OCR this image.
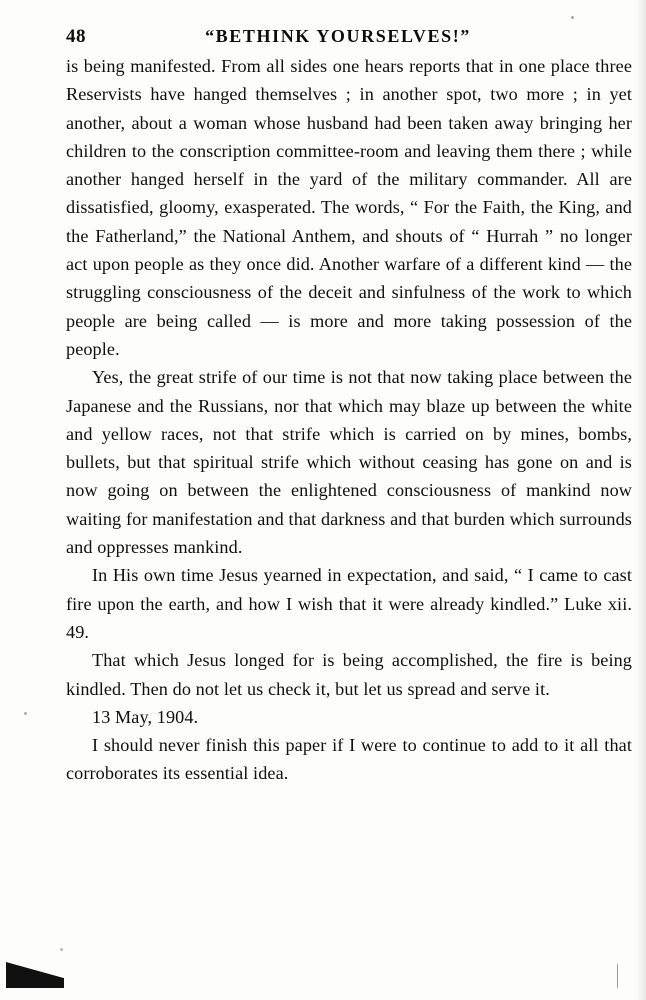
48	“BETHINK YOURSELVES!”

is being manifested. From all sides one hears reports that in one place three Reservists have hanged themselves ; in another spot, two more ; in yet another, about a woman whose husband had been taken away bringing her children to the conscription committee-room and leaving them there ; while another hanged herself in the yard of the military commander. All are dissatisfied, gloomy, exasperated. The words, “ For the Faith, the King, and the Fatherland,” the National Anthem, and shouts of “ Hurrah ” no longer act upon people as they once did. Another warfare of a different kind — the struggling consciousness of the deceit and sinfulness of the work to which people are being called — is more and more taking possession of the people.

Yes, the great strife of our time is not that now taking place between the Japanese and the Russians, nor that which may blaze up between the white and yellow races, not that strife which is carried on by mines, bombs, bullets, but that spiritual strife which without ceasing has gone on and is now going on between the enlightened consciousness of mankind now waiting for manifestation and that darkness and that burden which surrounds and oppresses mankind.

In His own time Jesus yearned in expectation, and said, “ I came to cast fire upon the earth, and how I wish that it were already kindled.” Luke xii. 49.

That which Jesus longed for is being accomplished, the fire is being kindled. Then do not let us check it, but let us spread and serve it.

13 May, 1904.

I should never finish this paper if I were to continue to add to it all that corroborates its essential idea.
